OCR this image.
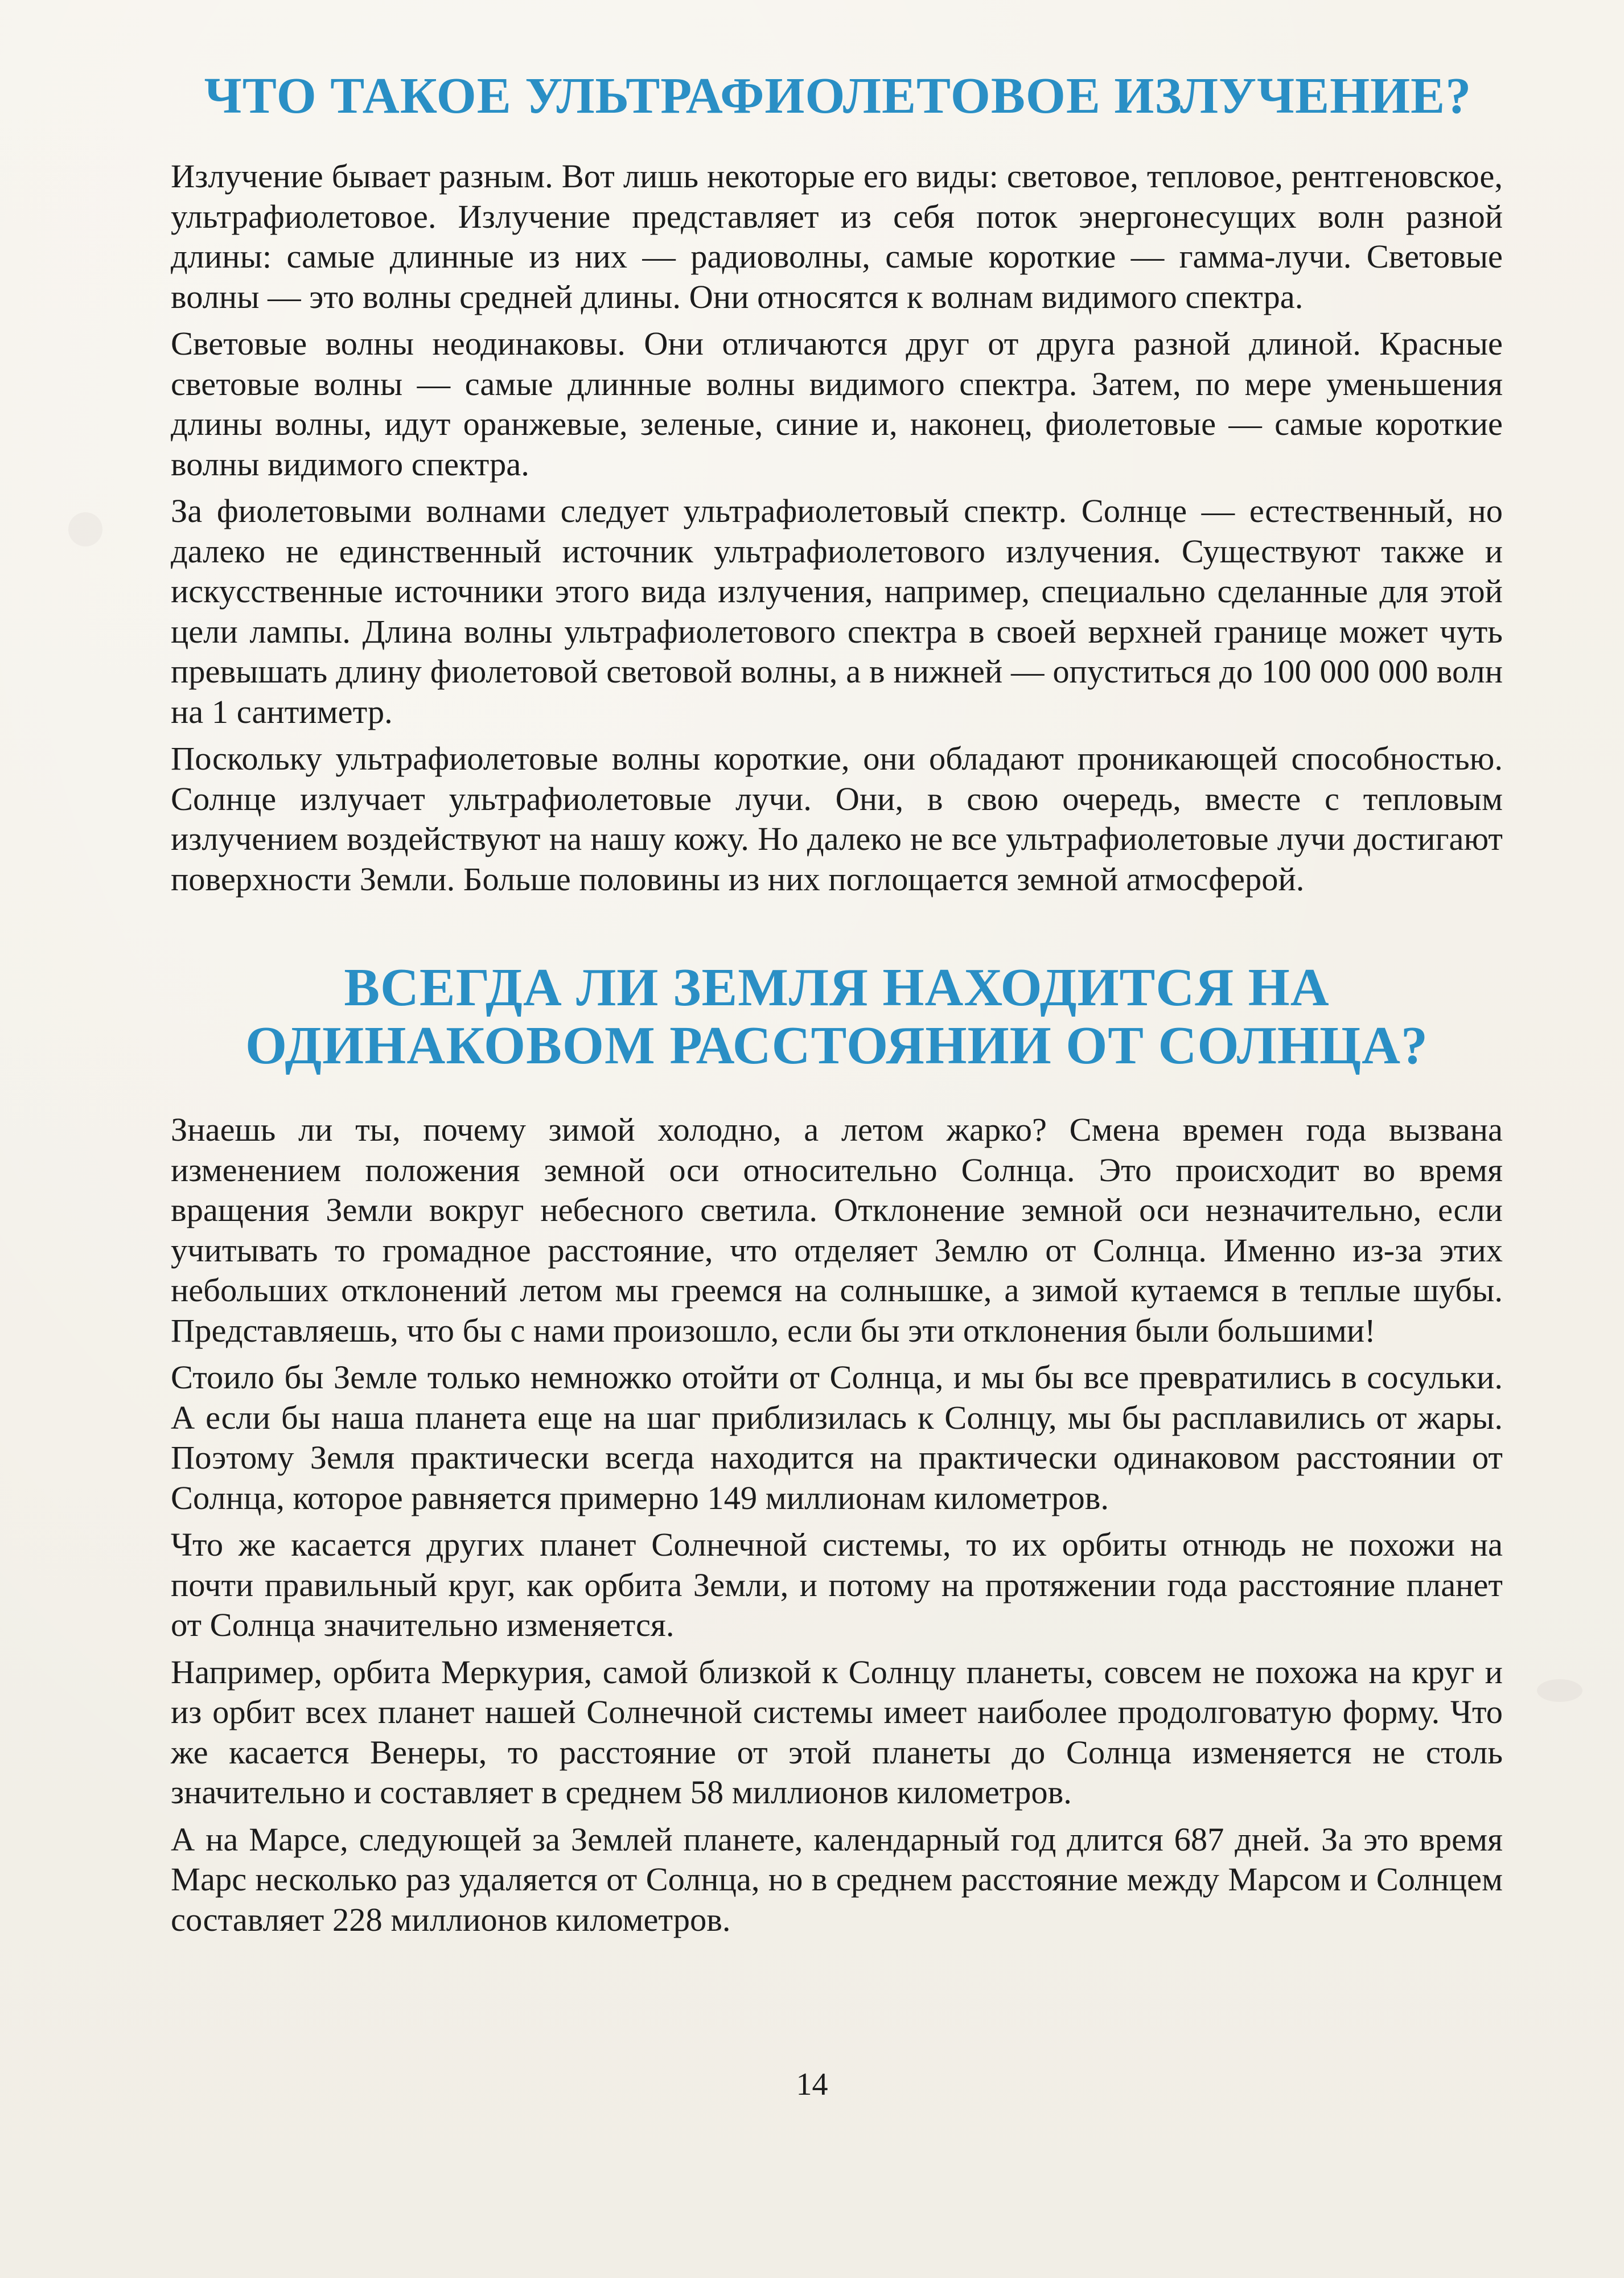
ЧТО ТАКОЕ УЛЬТРАФИОЛЕТОВОЕ ИЗЛУЧЕНИЕ?

Излучение бывает разным. Вот лишь некоторые его виды: световое, тепловое, рентгеновское, ультрафиолетовое. Излучение представляет из себя поток энергонесущих волн разной длины: самые длинные из них — радиоволны, самые короткие — гамма-лучи. Световые волны — это волны средней длины. Они относятся к волнам видимого спектра.

Световые волны неодинаковы. Они отличаются друг от друга разной длиной. Красные световые волны — самые длинные волны видимого спектра. Затем, по мере уменьшения длины волны, идут оранжевые, зеленые, синие и, наконец, фиолетовые — самые короткие волны видимого спектра.

За фиолетовыми волнами следует ультрафиолетовый спектр. Солнце — естественный, но далеко не единственный источник ультрафиолетового излучения. Существуют также и искусственные источники этого вида излучения, например, специально сделанные для этой цели лампы. Длина волны ультрафиолетового спектра в своей верхней границе может чуть превышать длину фиолетовой световой волны, а в нижней — опуститься до 100 000 000 волн на 1 сантиметр.

Поскольку ультрафиолетовые волны короткие, они обладают проникающей способностью. Солнце излучает ультрафиолетовые лучи. Они, в свою очередь, вместе с тепловым излучением воздействуют на нашу кожу. Но далеко не все ультрафиолетовые лучи достигают поверхности Земли. Больше половины из них поглощается земной атмосферой.

ВСЕГДА ЛИ ЗЕМЛЯ НАХОДИТСЯ НА
ОДИНАКОВОМ РАССТОЯНИИ ОТ СОЛНЦА?

Знаешь ли ты, почему зимой холодно, а летом жарко? Смена времен года вызвана изменением положения земной оси относительно Солнца. Это происходит во время вращения Земли вокруг небесного светила. Отклонение земной оси незначительно, если учитывать то громадное расстояние, что отделяет Землю от Солнца. Именно из-за этих небольших отклонений летом мы греемся на солнышке, а зимой кутаемся в теплые шубы. Представляешь, что бы с нами произошло, если бы эти отклонения были большими!

Стоило бы Земле только немножко отойти от Солнца, и мы бы все превратились в сосульки. А если бы наша планета еще на шаг приблизилась к Солнцу, мы бы расплавились от жары. Поэтому Земля практически всегда находится на практически одинаковом расстоянии от Солнца, которое равняется примерно 149 миллионам километров.

Что же касается других планет Солнечной системы, то их орбиты отнюдь не похожи на почти правильный круг, как орбита Земли, и потому на протяжении года расстояние планет от Солнца значительно изменяется.

Например, орбита Меркурия, самой близкой к Солнцу планеты, совсем не похожа на круг и из орбит всех планет нашей Солнечной системы имеет наиболее продолговатую форму. Что же касается Венеры, то расстояние от этой планеты до Солнца изменяется не столь значительно и составляет в среднем 58 миллионов километров.

А на Марсе, следующей за Землей планете, календарный год длится 687 дней. За это время Марс несколько раз удаляется от Солнца, но в среднем расстояние между Марсом и Солнцем составляет 228 миллионов километров.

14
